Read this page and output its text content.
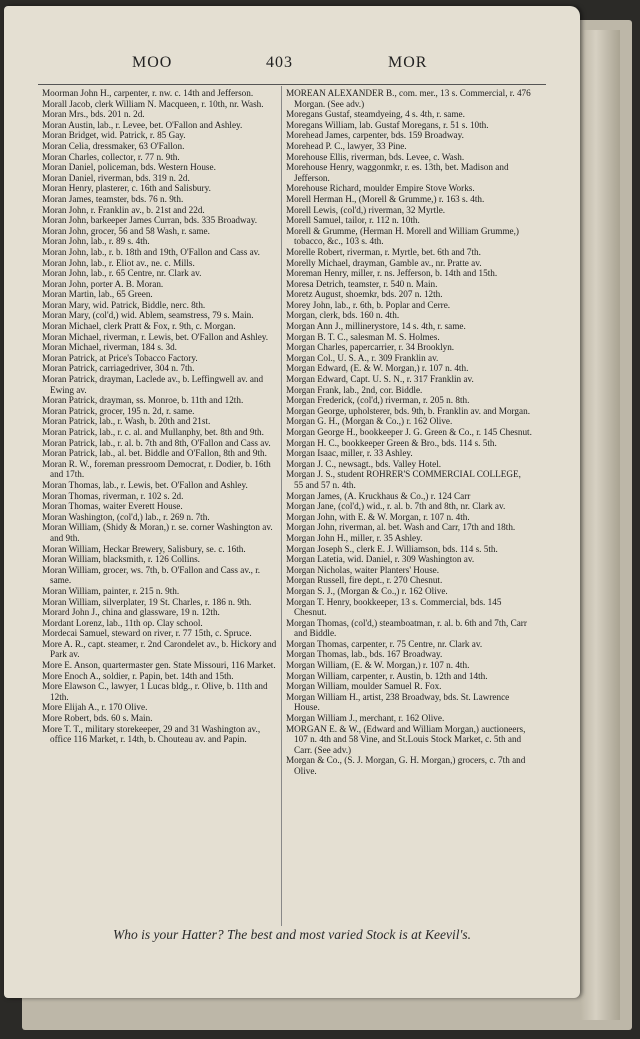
MOO	403	MOR

Moorman John H., carpenter, r. nw. c. 14th and Jefferson.

Morall Jacob, clerk William N. Macqueen, r. 10th, nr. Wash.

Moran Mrs., bds. 201 n. 2d.

Moran Austin, lab., r. Levee, bet. O'Fallon and Ashley.

Moran Bridget, wid. Patrick, r. 85 Gay.

Moran Celia, dressmaker, 63 O'Fallon.

Moran Charles, collector, r. 77 n. 9th.

Moran Daniel, policeman, bds. Western House.

Moran Daniel, riverman, bds. 319 n. 2d.

Moran Henry, plasterer, c. 16th and Salisbury.

Moran James, teamster, bds. 76 n. 9th.

Moran John, r. Franklin av., b. 21st and 22d.

Moran John, barkeeper James Curran, bds. 335 Broadway.

Moran John, grocer, 56 and 58 Wash, r. same.

Moran John, lab., r. 89 s. 4th.

Moran John, lab., r. b. 18th and 19th, O'Fallon and Cass av.

Moran John, lab., r. Eliot av., ne. c. Mills.

Moran John, lab., r. 65 Centre, nr. Clark av.

Moran John, porter A. B. Moran.

Moran Martin, lab., 65 Green.

Moran Mary, wid. Patrick, Biddle, nerc. 8th.

Moran Mary, (col'd,) wid. Ablem, seamstress, 79 s. Main.

Moran Michael, clerk Pratt & Fox, r. 9th, c. Morgan.

Moran Michael, riverman, r. Lewis, bet. O'Fallon and Ashley.

Moran Michael, riverman, 184 s. 3d.

Moran Patrick, at Price's Tobacco Factory.

Moran Patrick, carriagedriver, 304 n. 7th.

Moran Patrick, drayman, Laclede av., b. Leffingwell av. and Ewing av.

Moran Patrick, drayman, ss. Monroe, b. 11th and 12th.

Moran Patrick, grocer, 195 n. 2d, r. same.

Moran Patrick, lab., r. Wash, b. 20th and 21st.

Moran Patrick, lab., r. c. al. and Mullanphy, bet. 8th and 9th.

Moran Patrick, lab., r. al. b. 7th and 8th, O'Fallon and Cass av.

Moran Patrick, lab., al. bet. Biddle and O'Fallon, 8th and 9th.

Moran R. W., foreman pressroom Democrat, r. Dodier, b. 16th and 17th.

Moran Thomas, lab., r. Lewis, bet. O'Fallon and Ashley.

Moran Thomas, riverman, r. 102 s. 2d.

Moran Thomas, waiter Everett House.

Moran Washington, (col'd,) lab., r. 269 n. 7th.

Moran William, (Shidy & Moran,) r. se. corner Washington av. and 9th.

Moran William, Heckar Brewery, Salisbury, se. c. 16th.

Moran William, blacksmith, r. 126 Collins.

Moran William, grocer, ws. 7th, b. O'Fallon and Cass av., r. same.

Moran William, painter, r. 215 n. 9th.

Moran William, silverplater, 19 St. Charles, r. 186 n. 9th.

Morard John J., china and glassware, 19 n. 12th.

Mordant Lorenz, lab., 11th op. Clay school.

Mordecai Samuel, steward on river, r. 77 15th, c. Spruce.

More A. R., capt. steamer, r. 2nd Carondelet av., b. Hickory and Park av.

More E. Anson, quartermaster gen. State Missouri, 116 Market.

More Enoch A., soldier, r. Papin, bet. 14th and 15th.

More Elawson C., lawyer, 1 Lucas bldg., r. Olive, b. 11th and 12th.

More Elijah A., r. 170 Olive.

More Robert, bds. 60 s. Main.

More T. T., military storekeeper, 29 and 31 Washington av., office 116 Market, r. 14th, b. Chouteau av. and Papin.

MOREAN ALEXANDER B., com. mer., 13 s. Commercial, r. 476 Morgan. (See adv.)

Moregans Gustaf, steamdyeing, 4 s. 4th, r. same.

Moregans William, lab. Gustaf Moregans, r. 51 s. 10th.

Morehead James, carpenter, bds. 159 Broadway.

Morehead P. C., lawyer, 33 Pine.

Morehouse Ellis, riverman, bds. Levee, c. Wash.

Morehouse Henry, waggonmkr, r. es. 13th, bet. Madison and Jefferson.

Morehouse Richard, moulder Empire Stove Works.

Morell Herman H., (Morell & Grumme,) r. 163 s. 4th.

Morell Lewis, (col'd,) riverman, 32 Myrtle.

Morell Samuel, tailor, r. 112 n. 10th.

Morell & Grumme, (Herman H. Morell and William Grumme,) tobacco, &c., 103 s. 4th.

Morelle Robert, riverman, r. Myrtle, bet. 6th and 7th.

Morelly Michael, drayman, Gamble av., nr. Pratte av.

Moreman Henry, miller, r. ns. Jefferson, b. 14th and 15th.

Moresa Detrich, teamster, r. 540 n. Main.

Moretz August, shoemkr, bds. 207 n. 12th.

Morey John, lab., r. 6th, b. Poplar and Cerre.

Morgan, clerk, bds. 160 n. 4th.

Morgan Ann J., millinerystore, 14 s. 4th, r. same.

Morgan B. T. C., salesman M. S. Holmes.

Morgan Charles, papercarrier, r. 34 Brooklyn.

Morgan Col., U. S. A., r. 309 Franklin av.

Morgan Edward, (E. & W. Morgan,) r. 107 n. 4th.

Morgan Edward, Capt. U. S. N., r. 317 Franklin av.

Morgan Frank, lab., 2nd, cor. Biddle.

Morgan Frederick, (col'd,) riverman, r. 205 n. 8th.

Morgan George, upholsterer, bds. 9th, b. Franklin av. and Morgan.

Morgan G. H., (Morgan & Co.,) r. 162 Olive.

Morgan George H., bookkeeper J. G. Green & Co., r. 145 Chesnut.

Morgan H. C., bookkeeper Green & Bro., bds. 114 s. 5th.

Morgan Isaac, miller, r. 33 Ashley.

Morgan J. C., newsagt., bds. Valley Hotel.

Morgan J. S., student ROHRER'S COMMERCIAL COLLEGE, 55 and 57 n. 4th.

Morgan James, (A. Kruckhaus & Co.,) r. 124 Carr

Morgan Jane, (col'd,) wid., r. al. b. 7th and 8th, nr. Clark av.

Morgan John, with E. & W. Morgan, r. 107 n. 4th.

Morgan John, riverman, al. bet. Wash and Carr, 17th and 18th.

Morgan John H., miller, r. 35 Ashley.

Morgan Joseph S., clerk E. J. Williamson, bds. 114 s. 5th.

Morgan Latetia, wid. Daniel, r. 309 Washington av.

Morgan Nicholas, waiter Planters' House.

Morgan Russell, fire dept., r. 270 Chesnut.

Morgan S. J., (Morgan & Co.,) r. 162 Olive.

Morgan T. Henry, bookkeeper, 13 s. Commercial, bds. 145 Chesnut.

Morgan Thomas, (col'd,) steamboatman, r. al. b. 6th and 7th, Carr and Biddle.

Morgan Thomas, carpenter, r. 75 Centre, nr. Clark av.

Morgan Thomas, lab., bds. 167 Broadway.

Morgan William, (E. & W. Morgan,) r. 107 n. 4th.

Morgan William, carpenter, r. Austin, b. 12th and 14th.

Morgan William, moulder Samuel R. Fox.

Morgan William H., artist, 238 Broadway, bds. St. Lawrence House.

Morgan William J., merchant, r. 162 Olive.

MORGAN E. & W., (Edward and William Morgan,) auctioneers, 107 n. 4th and 58 Vine, and St.Louis Stock Market, c. 5th and Carr. (See adv.)

Morgan & Co., (S. J. Morgan, G. H. Morgan,) grocers, c. 7th and Olive.

Who is your Hatter? The best and most varied Stock is at Keevil's.
